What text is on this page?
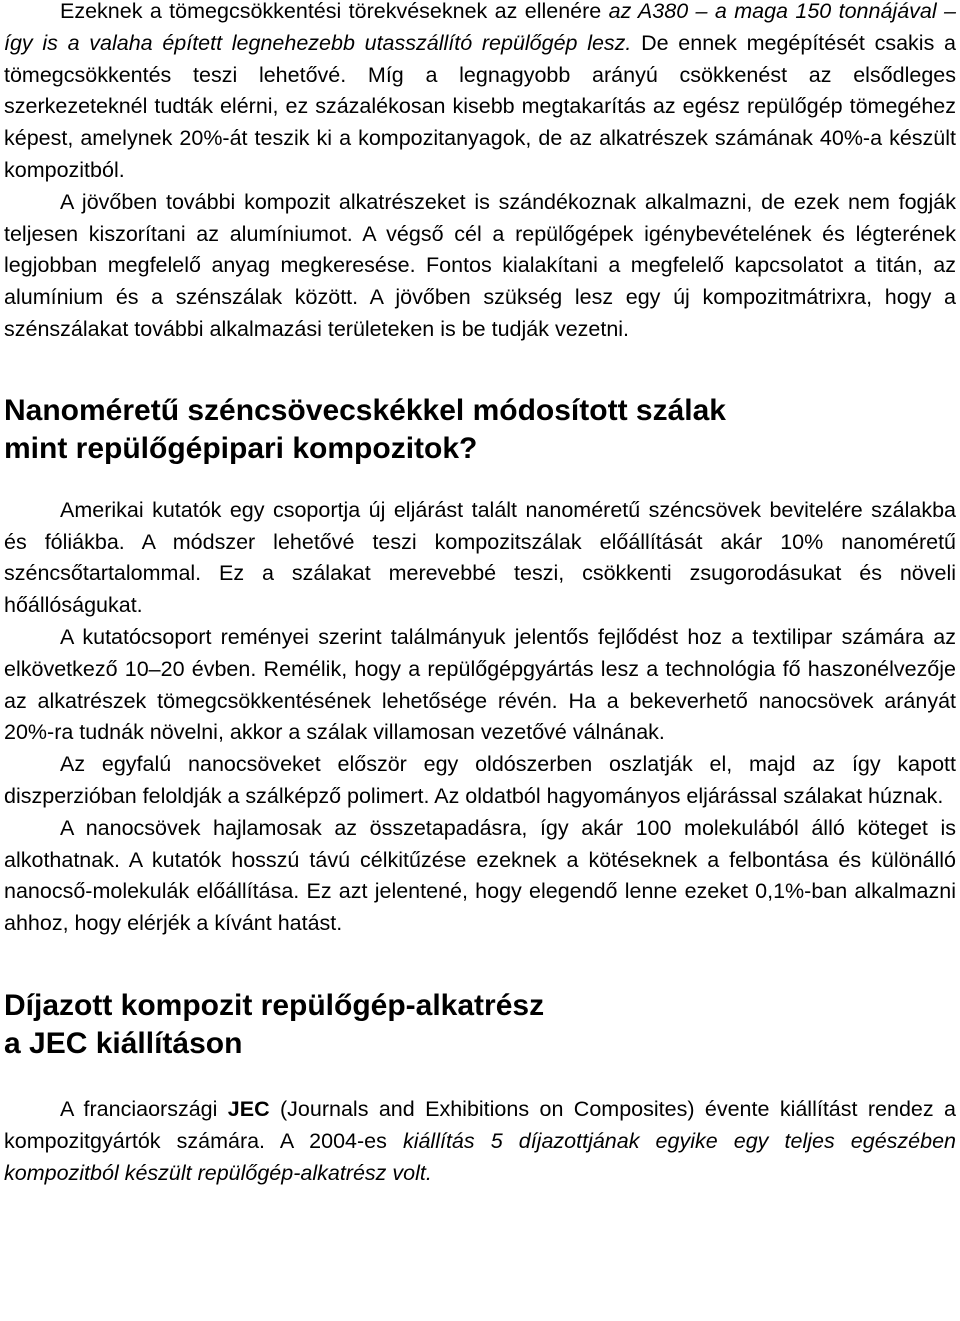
Ezeknek a tömegcsökkentési törekvéseknek az ellenére az A380 – a maga 150 tonnájával – így is a valaha épített legnehezebb utasszállító repülőgép lesz. De ennek megépítését csakis a tömegcsökkentés teszi lehetővé. Míg a legnagyobb arányú csökkenést az elsődleges szerkezeteknél tudták elérni, ez százalékosan kisebb megtakarítás az egész repülőgép tömegéhez képest, amelynek 20%-át teszik ki a kompozitanyagok, de az alkatrészek számának 40%-a készült kompozitból.

A jövőben további kompozit alkatrészeket is szándékoznak alkalmazni, de ezek nem fogják teljesen kiszorítani az alumíniumot. A végső cél a repülőgépek igénybevételének és légterének legjobban megfelelő anyag megkeresése. Fontos kialakítani a megfelelő kapcsolatot a titán, az alumínium és a szénszálak között. A jövőben szükség lesz egy új kompozitmátrixra, hogy a szénszálakat további alkalmazási területeken is be tudják vezetni.

Nanoméretű széncsövecskékkel módosított szálak
mint repülőgépipari kompozitok?

Amerikai kutatók egy csoportja új eljárást talált nanoméretű széncsövek bevitelére szálakba és fóliákba. A módszer lehetővé teszi kompozitszálak előállítását akár 10% nanoméretű széncsőtartalommal. Ez a szálakat merevebbé teszi, csökkenti zsugorodásukat és növeli hőállóságukat.

A kutatócsoport reményei szerint találmányuk jelentős fejlődést hoz a textilipar számára az elkövetkező 10–20 évben. Remélik, hogy a repülőgépgyártás lesz a technológia fő haszonélvezője az alkatrészek tömegcsökkentésének lehetősége révén. Ha a bekeverhető nanocsövek arányát 20%-ra tudnák növelni, akkor a szálak villamosan vezetővé válnának.

Az egyfalú nanocsöveket először egy oldószerben oszlatják el, majd az így kapott diszperzióban feloldják a szálképző polimert. Az oldatból hagyományos eljárással szálakat húznak.

A nanocsövek hajlamosak az összetapadásra, így akár 100 molekulából álló köteget is alkothatnak. A kutatók hosszú távú célkitűzése ezeknek a kötéseknek a felbontása és különálló nanocső-molekulák előállítása. Ez azt jelentené, hogy elegendő lenne ezeket 0,1%-ban alkalmazni ahhoz, hogy elérjék a kívánt hatást.

Díjazott kompozit repülőgép-alkatrész
a JEC kiállításon

A franciaországi JEC (Journals and Exhibitions on Composites) évente kiállítást rendez a kompozitgyártók számára. A 2004-es kiállítás 5 díjazottjának egyike egy teljes egészében kompozitból készült repülőgép-alkatrész volt.
